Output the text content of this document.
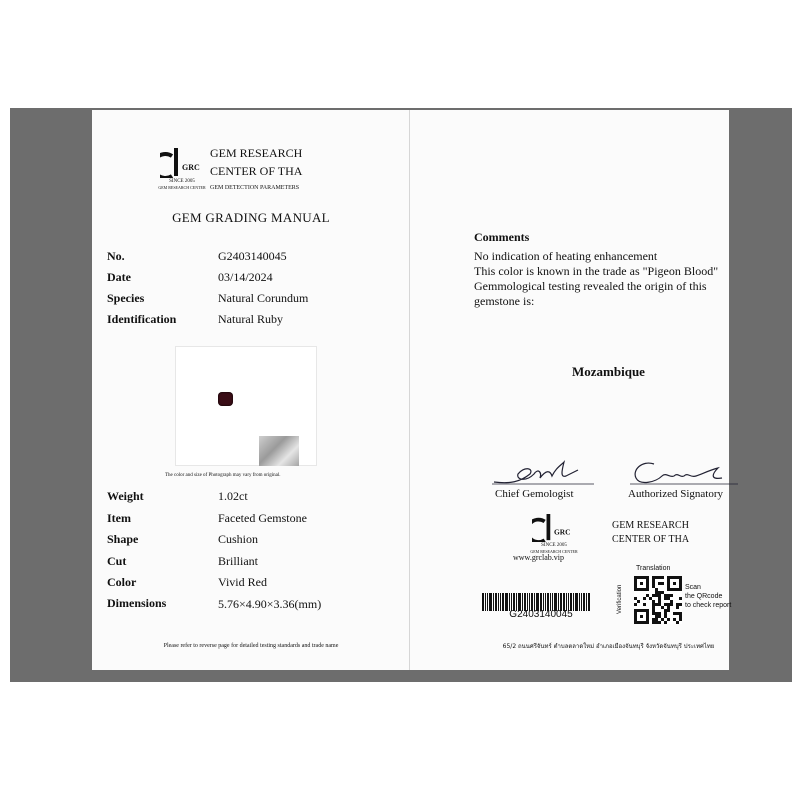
GRC
SINCE 2005
GEM RESEARCH CENTER
GEM RESEARCH
CENTER OF THA
GEM DETECTION PARAMETERS
GEM GRADING MANUAL
No.	G2403140045
Date	03/14/2024
Species	Natural Corundum
Identification	Natural Ruby
The color and size of Photograph may vary from original.
Weight	1.02ct
Item	Faceted Gemstone
Shape	Cushion
Cut	Brilliant
Color	Vivid Red
Dimensions	5.76×4.90×3.36(mm)
Please refer to reverse page for detailed testing standards and trade name
Comments
No indication of heating enhancement
This color is known in the trade as "Pigeon Blood"
Gemmological testing revealed the origin of this
gemstone is:
Mozambique
Chief Gemologist	Authorized Signatory
GRC
SINCE 2005
GEM RESEARCH CENTER
www.grclab.vip
GEM RESEARCH
CENTER OF THA
G2403140045
Translation
Verification	Scan
the QRcode
to check report
65/2 ถนนศรีจันทร์ ตำบลตลาดใหม่ อำเภอเมืองจันทบุรี จังหวัดจันทบุรี ประเทศไทย
